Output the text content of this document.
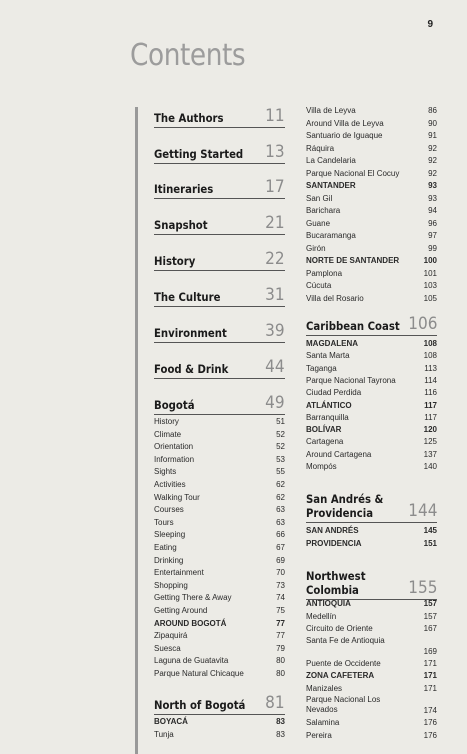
9
Contents
The Authors 11
Getting Started 13
Itineraries	17
Snapshot	21
History	22
The Culture	31
Environment 39
Food & Drink 44
Bogotá	49
History	51
Climate	52
Orientation	52
Information	53
Sights	55
Activities	62
Walking Tour	62
Courses	63
Tours	63
Sleeping	66
Eating	67
Drinking	69
Entertainment	70
Shopping	73
Getting There & Away	74
Getting Around	75
AROUND BOGOTÁ	77
Zipaquirá	77
Suesca	79
Laguna de Guatavita	80
Parque Natural Chicaque	80
North of Bogotá 81
BOYACÁ	83
Tunja	83
Villa de Leyva	86
Around Villa de Leyva	90
Santuario de Iguaque	91
Ráquira	92
La Candelaria	92
Parque Nacional El Cocuy	92
SANTANDER	93
San Gil	93
Barichara	94
Guane	96
Bucaramanga	97
Girón	99
NORTE DE SANTANDER	100
Pamplona	101
Cúcuta	103
Villa del Rosario	105
Caribbean Coast 106
MAGDALENA	108
Santa Marta	108
Taganga	113
Parque Nacional Tayrona	114
Ciudad Perdida	116
ATLÁNTICO	117
Barranquilla	117
BOLÍVAR	120
Cartagena	125
Around Cartagena	137
Mompós	140
San Andrés & Providencia	144
SAN ANDRÉS	145
PROVIDENCIA	151
Northwest Colombia	155
ANTIOQUIA	157
Medellín	157
Circuito de Oriente	167
Santa Fe de Antioquia
169
Puente de Occidente	171
ZONA CAFETERA	171
Manizales	171
Parque Nacional Los Nevados	174
Salamina	176
Pereira	176
